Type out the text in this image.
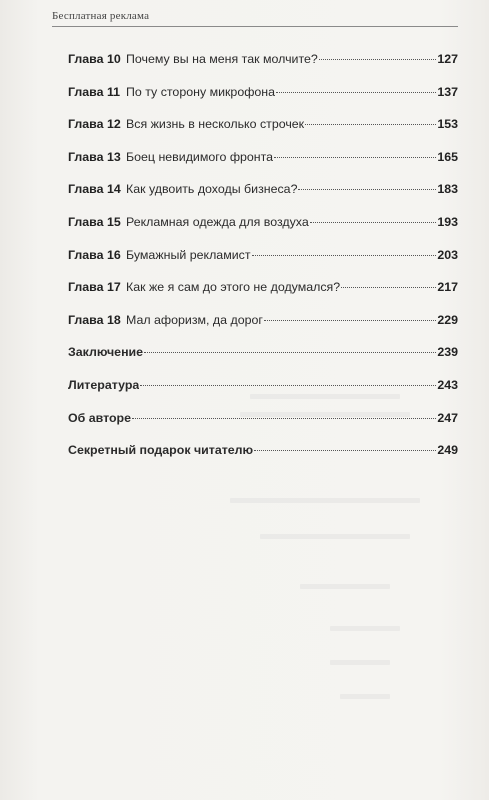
Бесплатная реклама
Глава 10 Почему вы на меня так молчите?	127
Глава 11 По ту сторону микрофона	137
Глава 12 Вся жизнь в несколько строчек	153
Глава 13 Боец невидимого фронта	165
Глава 14 Как удвоить доходы бизнеса?	183
Глава 15 Рекламная одежда для воздуха	193
Глава 16 Бумажный рекламист	203
Глава 17 Как же я сам до этого не додумался?	217
Глава 18 Мал афоризм, да дорог	229
Заключение	239
Литература	243
Об авторе	247
Секретный подарок читателю	249
